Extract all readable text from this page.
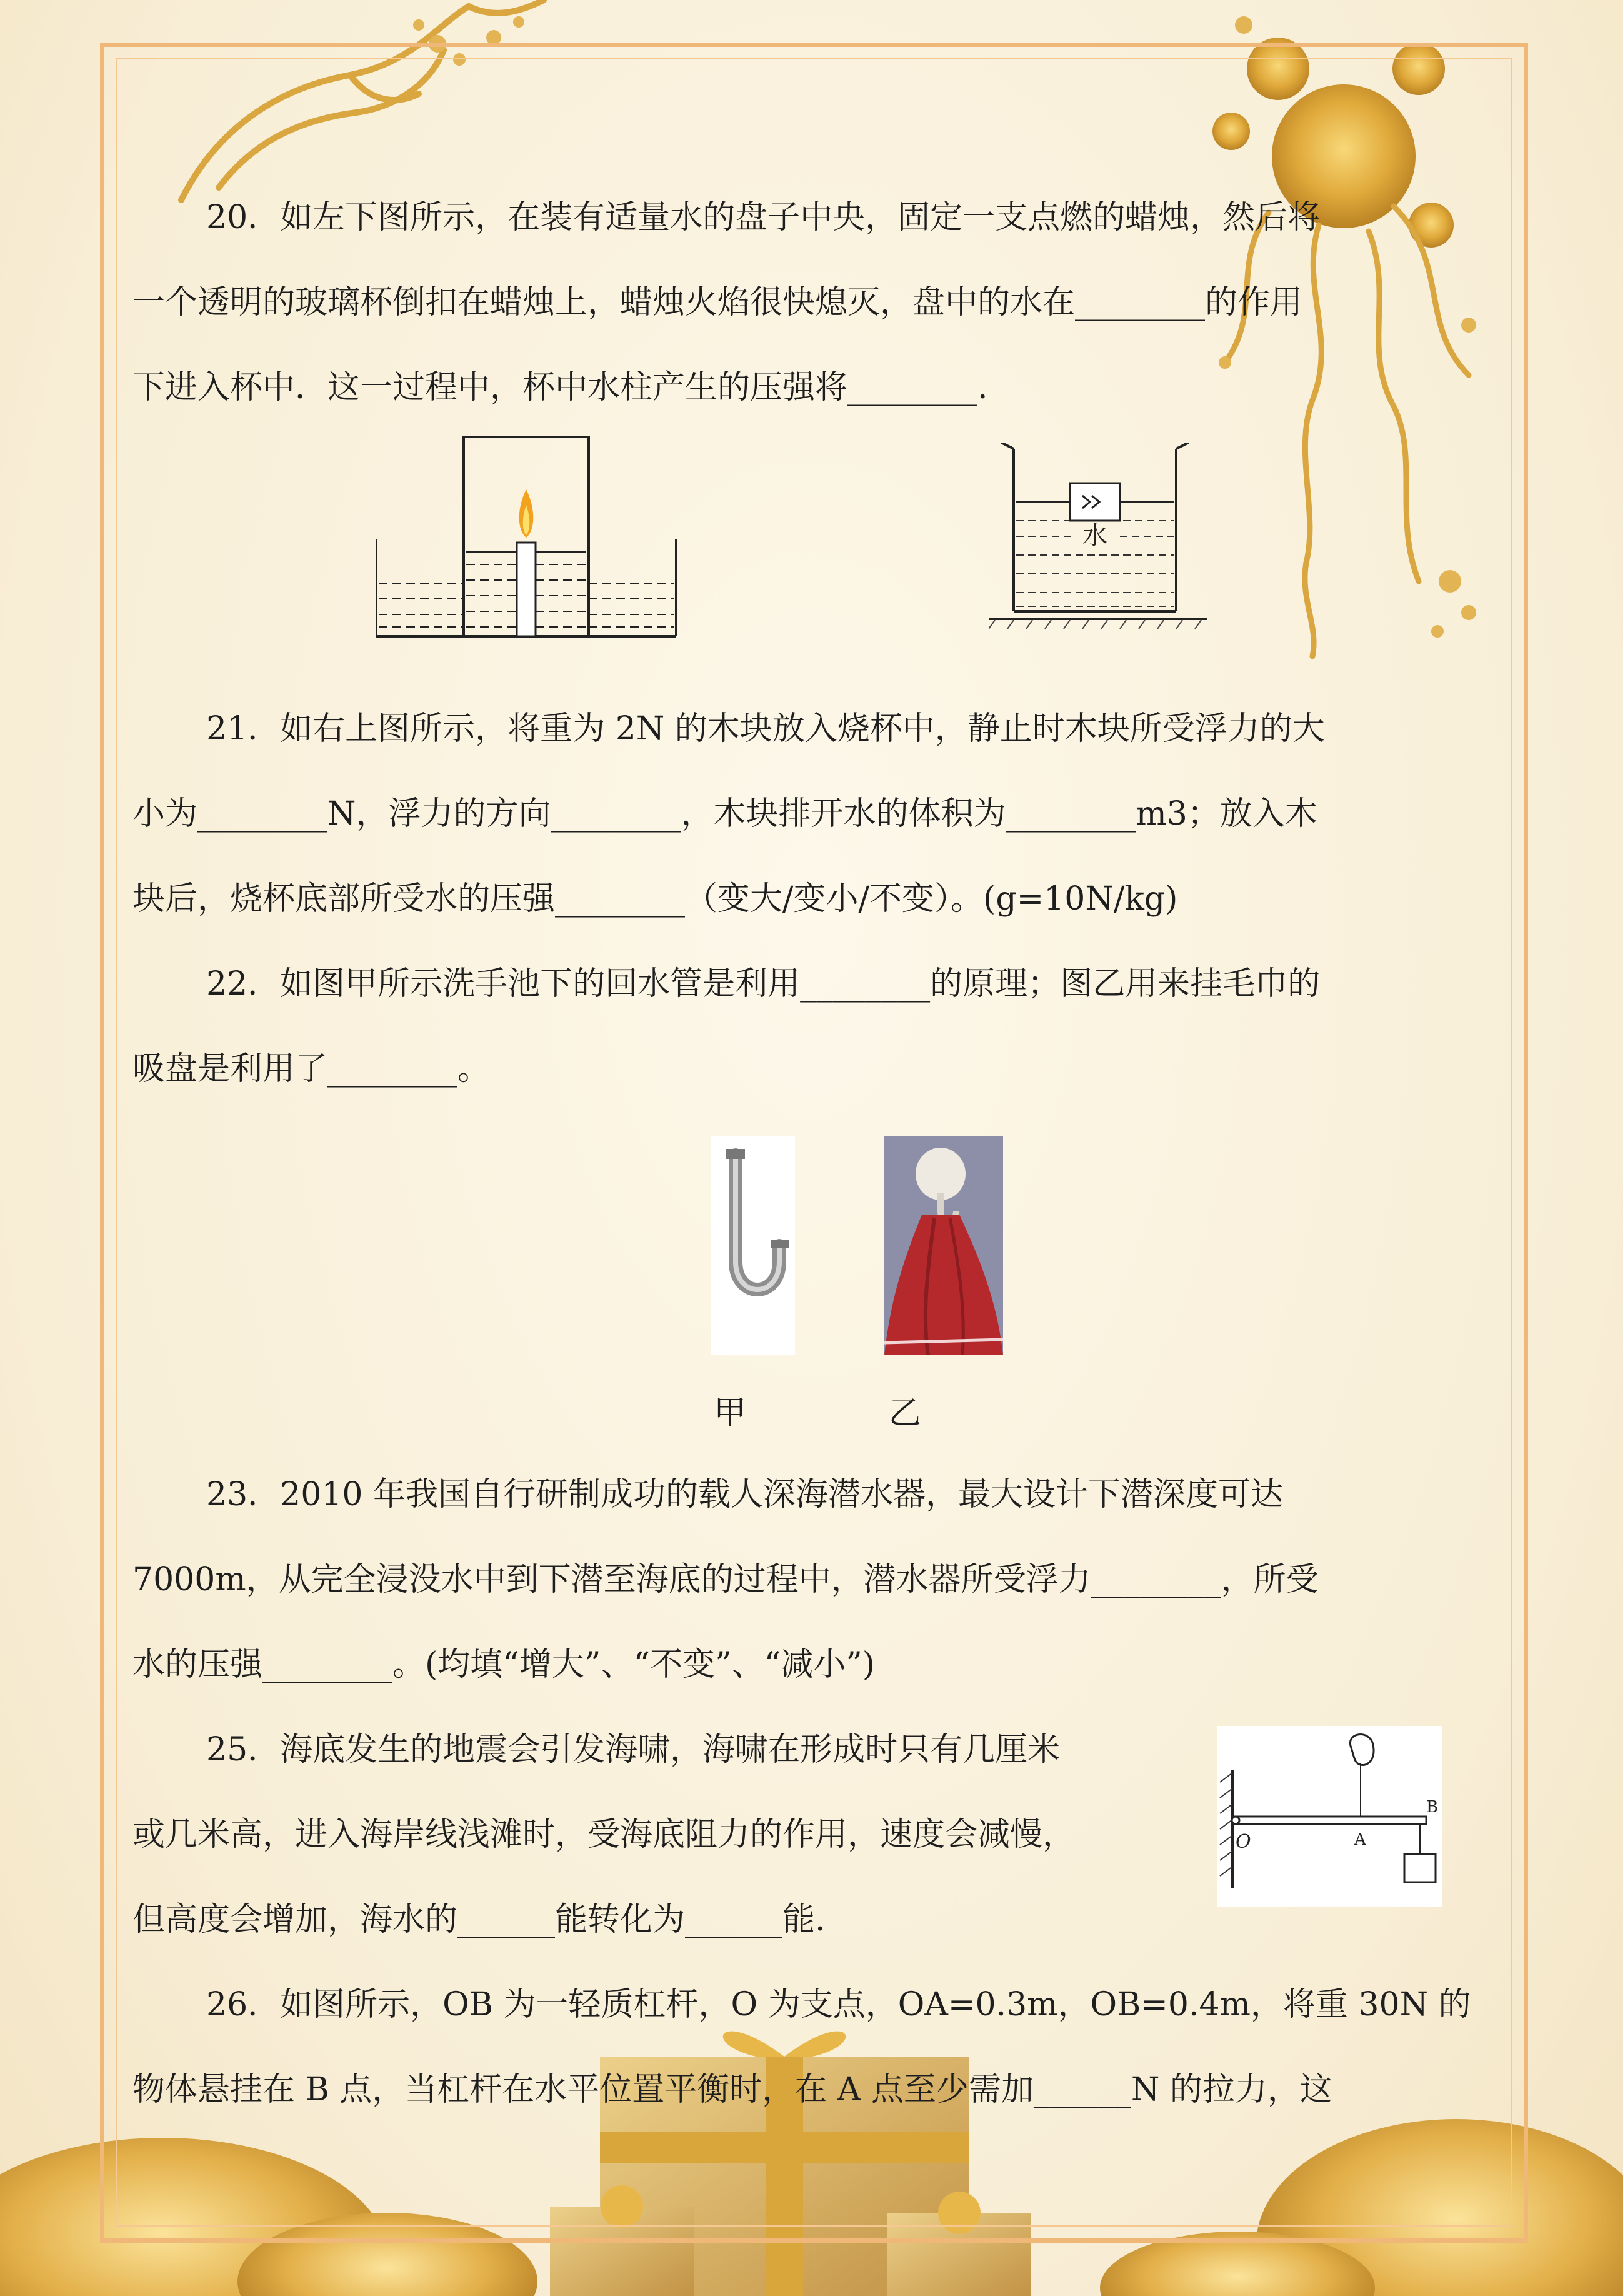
20．如左下图所示，在装有适量水的盘子中央，固定一支点燃的蜡烛，然后将

一个透明的玻璃杯倒扣在蜡烛上，蜡烛火焰很快熄灭，盘中的水在________的作用

下进入杯中．这一过程中，杯中水柱产生的压强将________.

水

21．如右上图所示，将重为 2N 的木块放入烧杯中，静止时木块所受浮力的大

小为________N，浮力的方向________，木块排开水的体积为________m3；放入木

块后，烧杯底部所受水的压强________（变大/变小/不变）。(g=10N/kg)

22．如图甲所示洗手池下的回水管是利用________的原理；图乙用来挂毛巾的

吸盘是利用了________。

甲	乙

23．2010 年我国自行研制成功的载人深海潜水器，最大设计下潜深度可达

7000m，从完全浸没水中到下潜至海底的过程中，潜水器所受浮力________，所受

水的压强________。(均填“增大”、“不变”、“减小”)

25．海底发生的地震会引发海啸，海啸在形成时只有几厘米

或几米高，进入海岸线浅滩时，受海底阻力的作用，速度会减慢，

但高度会增加，海水的______能转化为______能.

O	A
B

26．如图所示，OB 为一轻质杠杆，O 为支点，OA=0.3m，OB=0.4m，将重 30N 的

物体悬挂在 B 点，当杠杆在水平位置平衡时，在 A 点至少需加______N 的拉力，这
